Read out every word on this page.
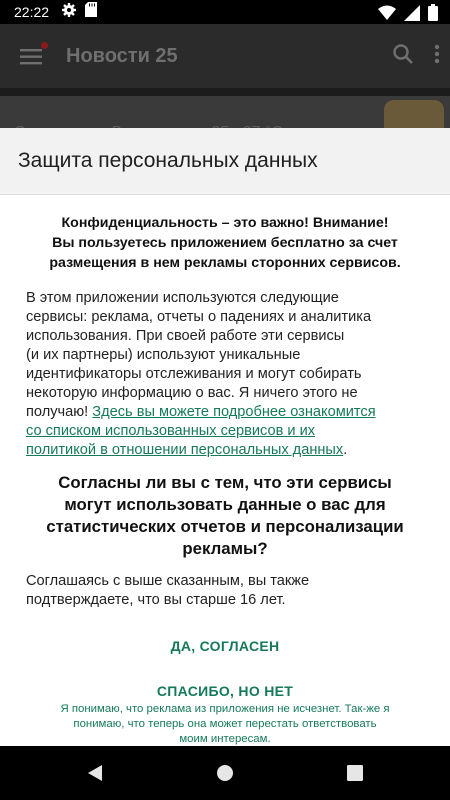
22:22
Новости 25
Защита персональных данных
Конфиденциальность – это важно! Внимание!
Вы пользуетесь приложением бесплатно за счет
размещения в нем рекламы сторонних сервисов.
В этом приложении используются следующие
сервисы: реклама, отчеты о падениях и аналитика
использования. При своей работе эти сервисы
(и их партнеры) используют уникальные
идентификаторы отслеживания и могут собирать
некоторую информацию о вас. Я ничего этого не
получаю! Здесь вы можете подробнее ознакомится
со списком использованных сервисов и их
политикой в отношении персональных данных.
Согласны ли вы с тем, что эти сервисы
могут использовать данные о вас для
статистических отчетов и персонализации
рекламы?
Соглашаясь с выше сказанным, вы также
подтверждаете, что вы старше 16 лет.
ДА, СОГЛАСЕН
СПАСИБО, НО НЕТ
Я понимаю, что реклама из приложения не исчезнет. Так-же я
понимаю, что теперь она может перестать ответствовать
моим интересам.
